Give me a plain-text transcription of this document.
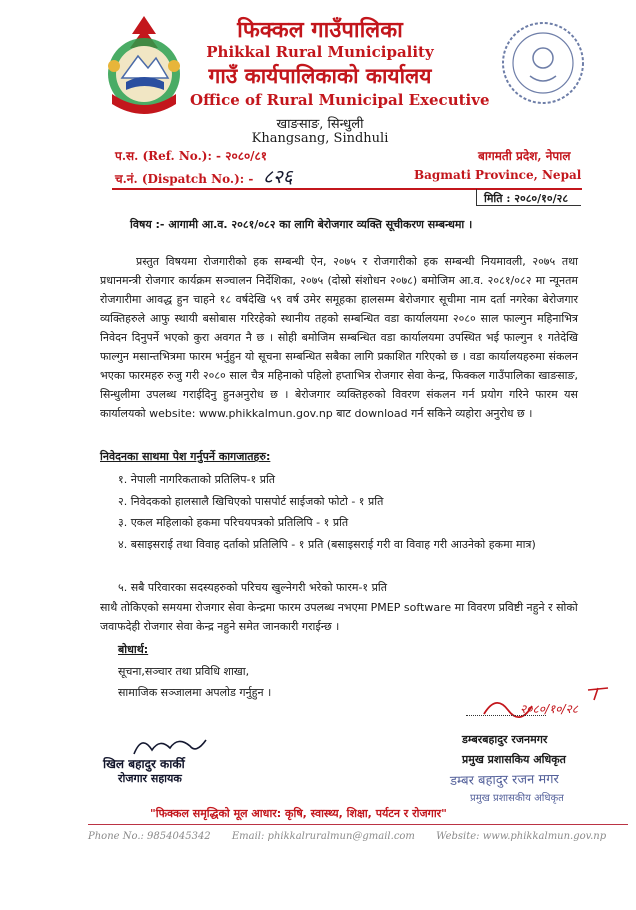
फिक्कल गाउँपालिका
Phikkal Rural Municipality
गाउँ कार्यपालिकाको कार्यालय
Office of Rural Municipal Executive
खाङसाङ, सिन्धुली
Khangsang, Sindhuli
प.स. (Ref. No.): - २०८०/८१
च.नं. (Dispatch No.): - ८२६
बागमती प्रदेश, नेपाल
Bagmati Province, Nepal
मिति : २०८०/१०/२८
विषय :- आगामी आ.व. २०८१/०८२ का लागि बेरोजगार व्यक्ति सूचीकरण सम्बन्धमा ।
प्रस्तुत विषयमा रोजगारीको हक सम्बन्धी ऐन, २०७५ र रोजगारीको हक सम्बन्धी नियमावली, २०७५ तथा प्रधानमन्त्री रोजगार कार्यक्रम सञ्चालन निर्देशिका, २०७५ (दोस्रो संशोधन २०७८) बमोजिम आ.व. २०८१/०८२ मा न्यूनतम रोजगारीमा आवद्ध हुन चाहने १८ वर्षदेखि ५९ वर्ष उमेर समूहका हालसम्म बेरोजगार सूचीमा नाम दर्ता नगरेका बेरोजगार व्यक्तिहरुले आफु स्थायी बसोबास गरिरहेको स्थानीय तहको सम्बन्धित वडा कार्यालयमा २०८० साल फाल्गुन महिनाभित्र निवेदन दिनुपर्ने भएको कुरा अवगत नै छ । सोही बमोजिम सम्बन्धित वडा कार्यालयमा उपस्थित भई फाल्गुन १ गतेदेखि फाल्गुन मसान्तभित्रमा फारम भर्नुहुन यो सूचना सम्बन्धित सबैका लागि प्रकाशित गरिएको छ । वडा कार्यालयहरुमा संकलन भएका फारमहरु रुजु गरी २०८० साल चैत्र महिनाको पहिलो हप्ताभित्र रोजगार सेवा केन्द्र, फिक्कल गाउँपालिका खाङसाङ, सिन्धुलीमा उपलब्ध गराईदिनु हुनअनुरोध छ । बेरोजगार व्यक्तिहरुको विवरण संकलन गर्न प्रयोग गरिने फारम यस कार्यालयको website: www.phikkalmun.gov.np बाट download गर्न सकिने व्यहोरा अनुरोध छ ।
निवेदनका साथमा पेश गर्नुपर्ने कागजातहरु:
१. नेपाली नागरिकताको प्रतिलिप-१ प्रति
२. निवेदकको हालसालै खिचिएको पासपोर्ट साईजको फोटो - १ प्रति
३. एकल महिलाको हकमा परिचयपत्रको प्रतिलिपि - १ प्रति
४. बसाइसराई तथा विवाह दर्ताको प्रतिलिपि - १ प्रति (बसाइसराई गरी वा विवाह गरी आउनेको हकमा मात्र)
५. सबै परिवारका सदस्यहरुको परिचय खुल्नेगरी भरेको फारम-१ प्रति
साथै तोकिएको समयमा रोजगार सेवा केन्द्रमा फारम उपलब्ध नभएमा PMEP software मा विवरण प्रविष्टी नहुने र सोको जवाफदेही रोजगार सेवा केन्द्र नहुने समेत जानकारी गराईन्छ ।
बोधार्थ:
सूचना,सञ्चार तथा प्रविधि शाखा,
सामाजिक सञ्जालमा अपलोड गर्नुहुन ।
२०८०/१०/२८
डम्बरबहादुर रजनमगर
प्रमुख प्रशासकिय अधिकृत
डम्बर बहादुर रजन मगर
प्रमुख प्रशासकीय अधिकृत
खिल बहादुर कार्की
रोजगार सहायक
"फिक्कल समृद्धिको मूल आधार: कृषि, स्वास्थ्य, शिक्षा, पर्यटन र रोजगार"
Phone No.: 9854045342 Email: phikkalruralmun@gmail.com Website: www.phikkalmun.gov.np
